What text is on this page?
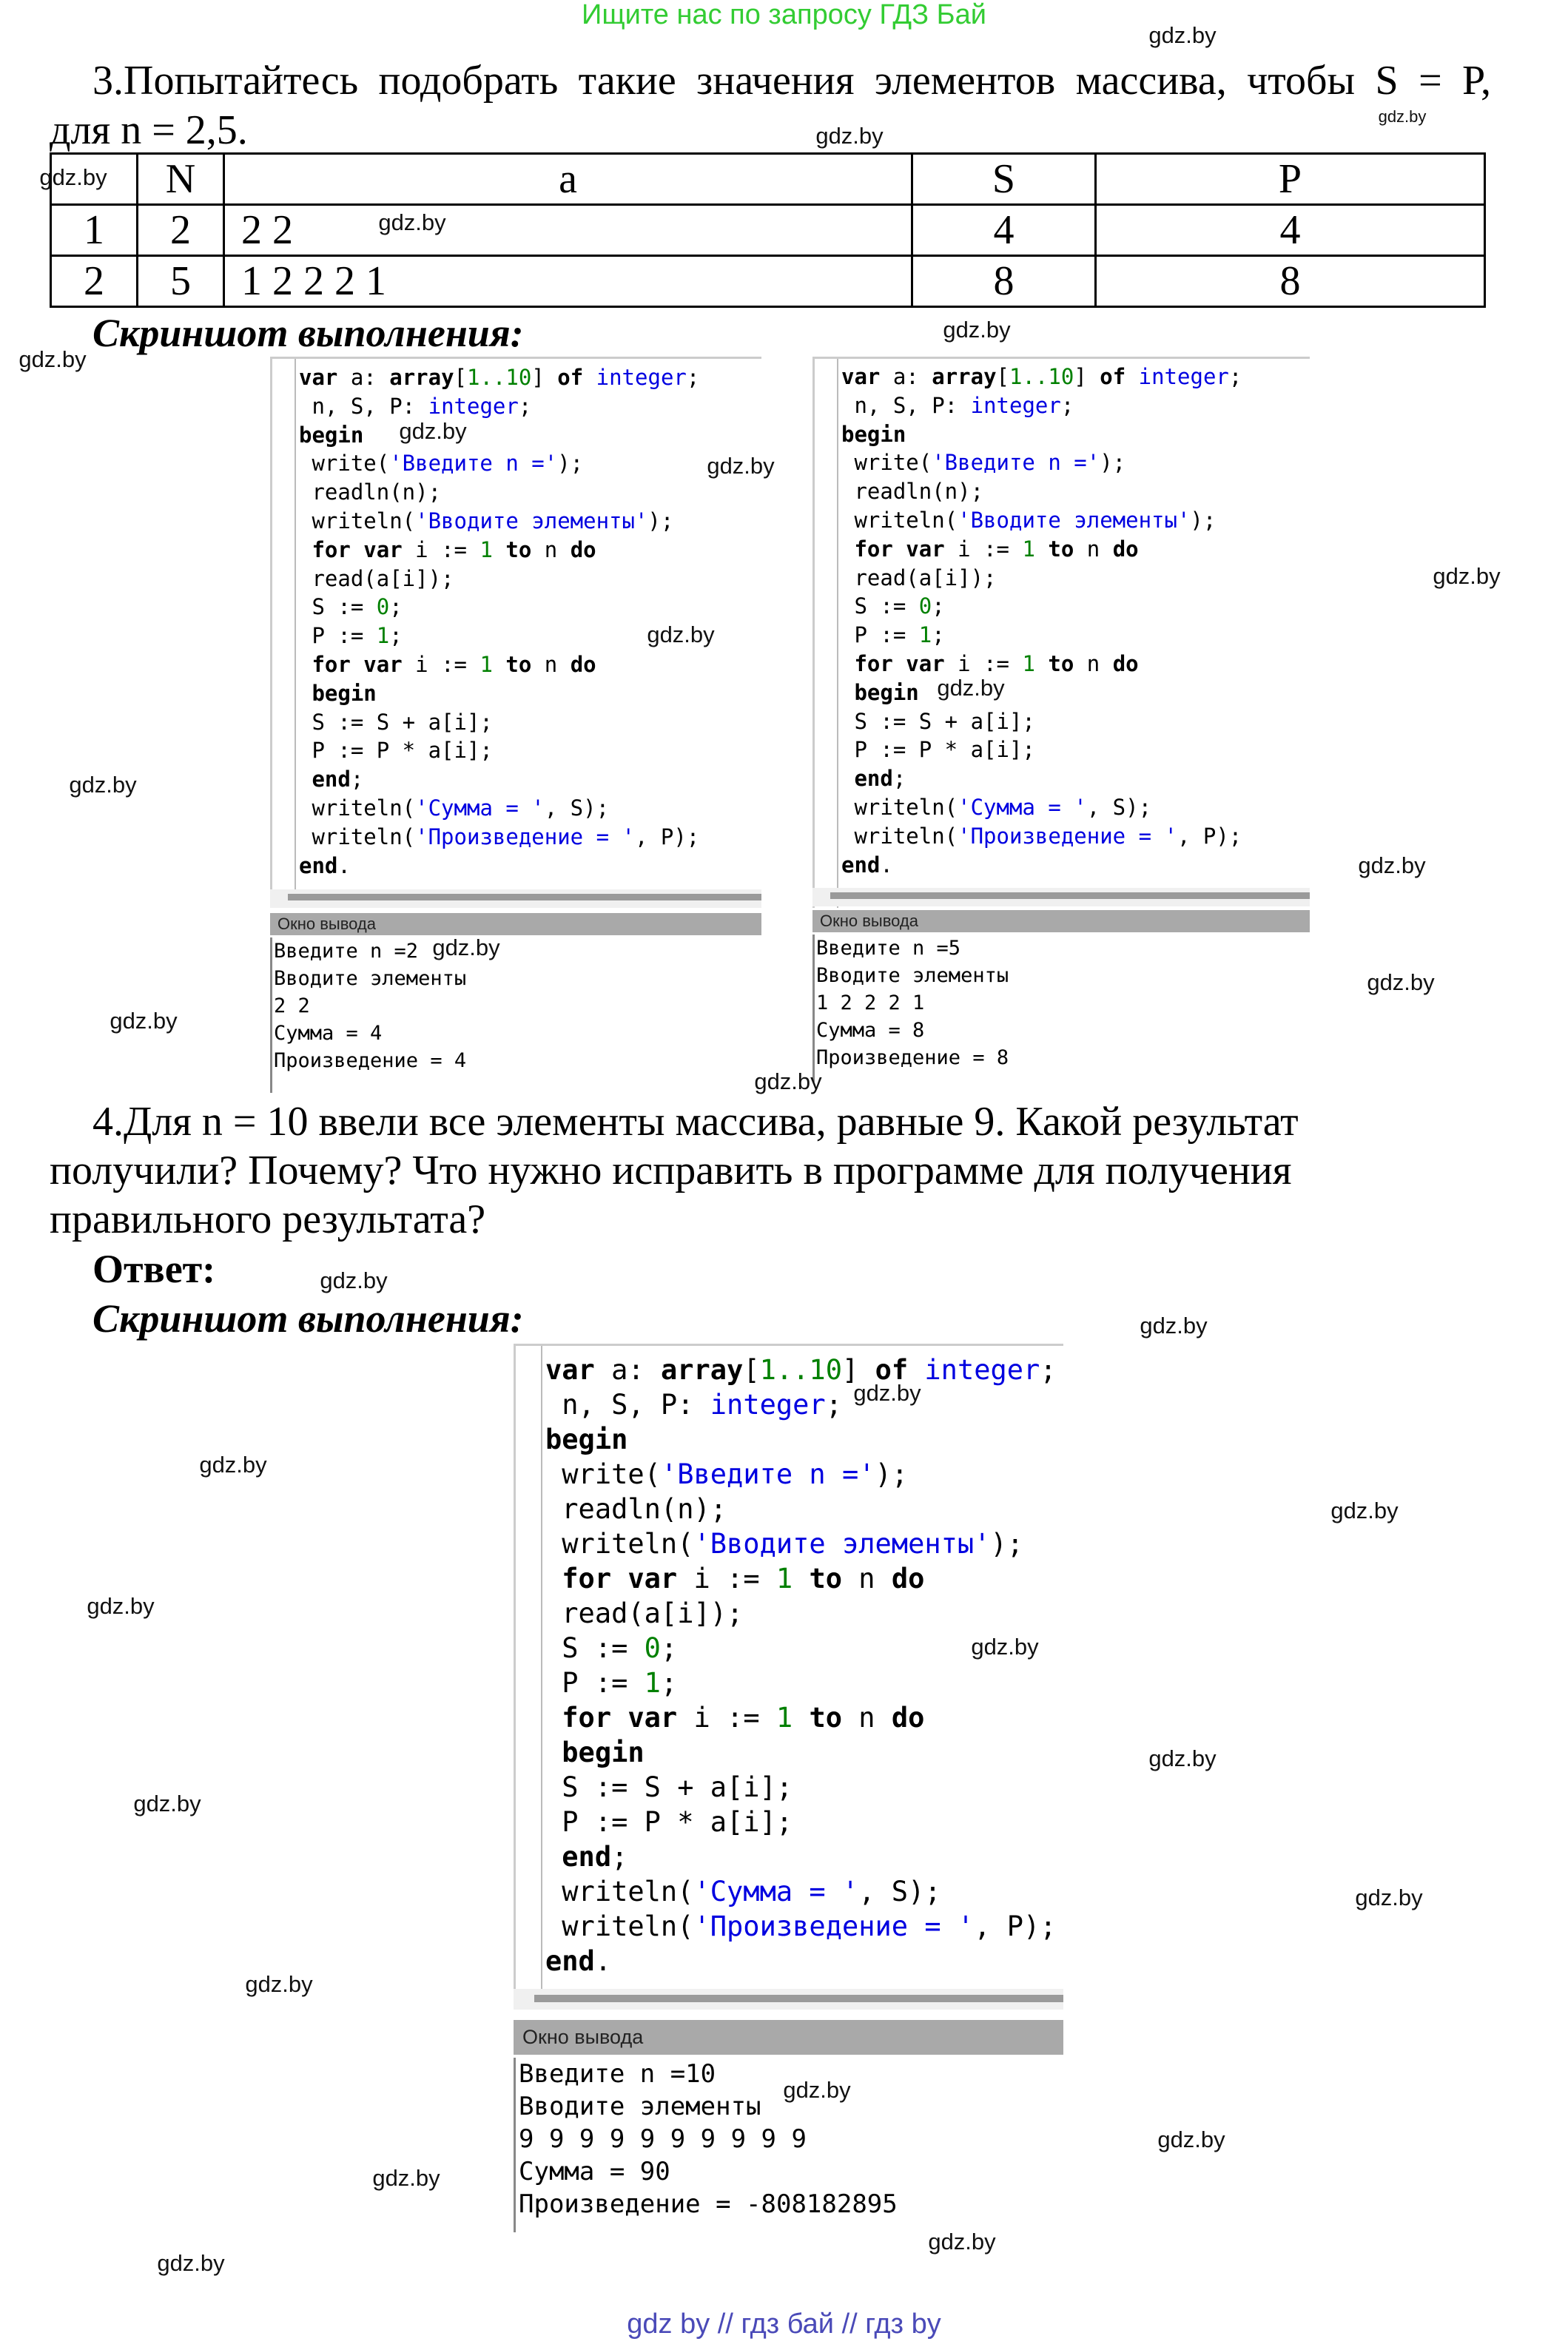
Ищите нас по запросу ГДЗ Бай
3.Попытайтесь подобрать такие значения элементов массива, чтобы S = P,
для n = 2,5.
	N	a	S	P
1	2	2 2	4	4
2	5	1 2 2 2 1	8	8
Скриншот выполнения:
var a: array[1..10] of integer;
n, S, P: integer;
begin
write('Введите n =');
readln(n);
writeln('Вводите элементы');
for var i := 1 to n do
read(a[i]);
S := 0;
P := 1;
for var i := 1 to n do
begin
S := S + a[i];
P := P * a[i];
end;
writeln('Сумма = ', S);
writeln('Произведение = ', P);
end.
Окно вывода
Введите n =2
Вводите элементы
2 2
Сумма = 4
Произведение = 4
var a: array[1..10] of integer;
n, S, P: integer;
begin
write('Введите n =');
readln(n);
writeln('Вводите элементы');
for var i := 1 to n do
read(a[i]);
S := 0;
P := 1;
for var i := 1 to n do
begin
S := S + a[i];
P := P * a[i];
end;
writeln('Сумма = ', S);
writeln('Произведение = ', P);
end.
Окно вывода
Введите n =5
Вводите элементы
1 2 2 2 1
Сумма = 8
Произведение = 8
4.Для n = 10 ввели все элементы массива, равные 9. Какой результат
получили? Почему? Что нужно исправить в программе для получения
правильного результата?
Ответ:
Скриншот выполнения:
var a: array[1..10] of integer;
n, S, P: integer;
begin
write('Введите n =');
readln(n);
writeln('Вводите элементы');
for var i := 1 to n do
read(a[i]);
S := 0;
P := 1;
for var i := 1 to n do
begin
S := S + a[i];
P := P * a[i];
end;
writeln('Сумма = ', S);
writeln('Произведение = ', P);
end.
Окно вывода
Введите n =10
Вводите элементы
9 9 9 9 9 9 9 9 9 9
Сумма = 90
Произведение = -808182895
gdz by // гдз бай // гдз by
gdz.by
gdz.by
gdz.by
gdz.by
gdz.by
gdz.by
gdz.by
gdz.by
gdz.by
gdz.by
gdz.by
gdz.by
gdz.by
gdz.by
gdz.by
gdz.by
gdz.by
gdz.by
gdz.by
gdz.by
gdz.by
gdz.by
gdz.by
gdz.by
gdz.by
gdz.by
gdz.by
gdz.by
gdz.by
gdz.by
gdz.by
gdz.by
gdz.by
gdz.by
